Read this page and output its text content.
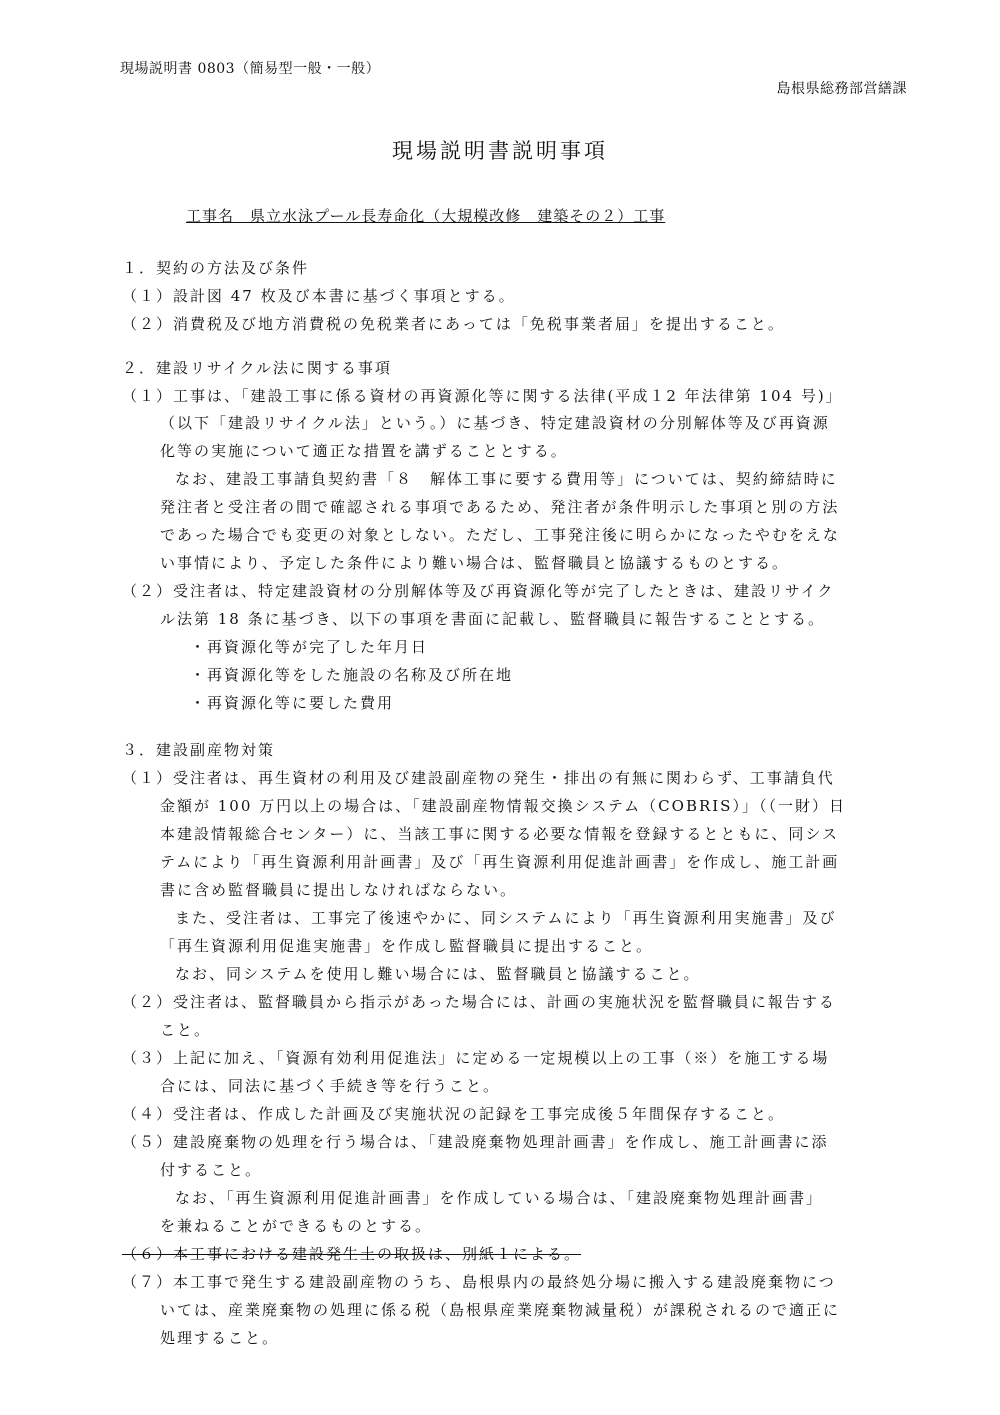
現場説明書 0803（簡易型一般・一般）
島根県総務部営繕課
現場説明書説明事項
工事名　県立水泳プール長寿命化（大規模改修　建築その２）工事
１．契約の方法及び条件
（１）設計図 47 枚及び本書に基づく事項とする。
（２）消費税及び地方消費税の免税業者にあっては「免税事業者届」を提出すること。
２．建設リサイクル法に関する事項
（１）工事は、「建設工事に係る資材の再資源化等に関する法律(平成１2 年法律第 104 号)」
（以下「建設リサイクル法」という。）に基づき、特定建設資材の分別解体等及び再資源
化等の実施について適正な措置を講ずることとする。
なお、建設工事請負契約書「８　解体工事に要する費用等」については、契約締結時に
発注者と受注者の間で確認される事項であるため、発注者が条件明示した事項と別の方法
であった場合でも変更の対象としない。ただし、工事発注後に明らかになったやむをえな
い事情により、予定した条件により難い場合は、監督職員と協議するものとする。
（２）受注者は、特定建設資材の分別解体等及び再資源化等が完了したときは、建設リサイク
ル法第 18 条に基づき、以下の事項を書面に記載し、監督職員に報告することとする。
・再資源化等が完了した年月日
・再資源化等をした施設の名称及び所在地
・再資源化等に要した費用
３．建設副産物対策
（１）受注者は、再生資材の利用及び建設副産物の発生・排出の有無に関わらず、工事請負代
金額が 100 万円以上の場合は、「建設副産物情報交換システム（COBRIS）」（（一財）日
本建設情報総合センター）に、当該工事に関する必要な情報を登録するとともに、同シス
テムにより「再生資源利用計画書」及び「再生資源利用促進計画書」を作成し、施工計画
書に含め監督職員に提出しなければならない。
また、受注者は、工事完了後速やかに、同システムにより「再生資源利用実施書」及び
「再生資源利用促進実施書」を作成し監督職員に提出すること。
なお、同システムを使用し難い場合には、監督職員と協議すること。
（２）受注者は、監督職員から指示があった場合には、計画の実施状況を監督職員に報告する
こと。
（３）上記に加え、「資源有効利用促進法」に定める一定規模以上の工事（※）を施工する場
合には、同法に基づく手続き等を行うこと。
（４）受注者は、作成した計画及び実施状況の記録を工事完成後５年間保存すること。
（５）建設廃棄物の処理を行う場合は、「建設廃棄物処理計画書」を作成し、施工計画書に添
付すること。
なお、「再生資源利用促進計画書」を作成している場合は、「建設廃棄物処理計画書」
を兼ねることができるものとする。
（６）本工事における建設発生土の取扱は、別紙１による。
（７）本工事で発生する建設副産物のうち、島根県内の最終処分場に搬入する建設廃棄物につ
いては、産業廃棄物の処理に係る税（島根県産業廃棄物減量税）が課税されるので適正に
処理すること。
